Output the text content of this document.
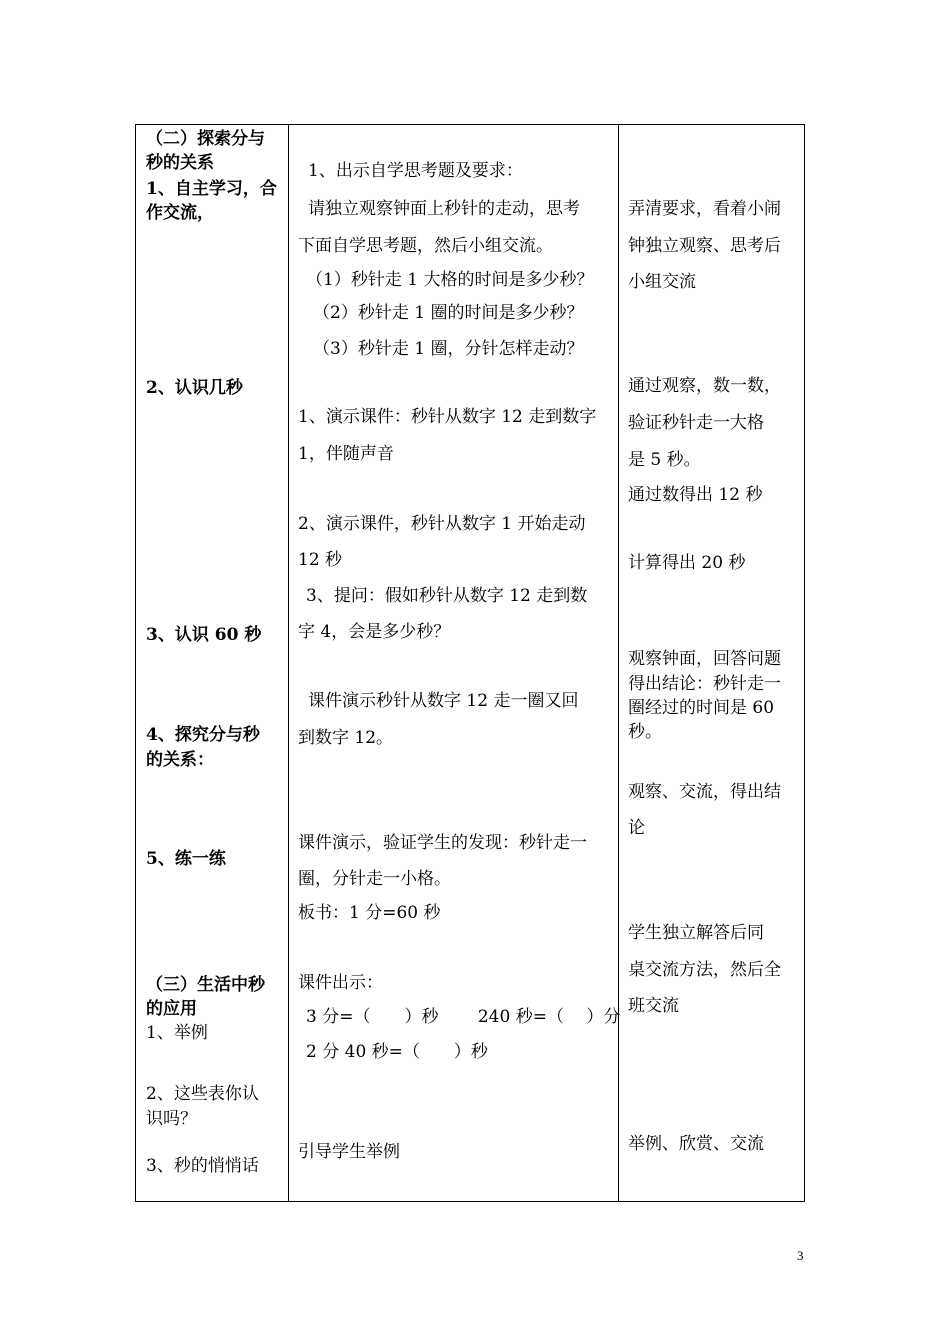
（二）探索分与
秒的关系
1、自主学习，合
作交流，
2、认识几秒
3、认识 60 秒
4、探究分与秒
的关系：
5、练一练
（三）生活中秒
的应用
1、举例
2、这些表你认
识吗？
3、秒的悄悄话
1、出示自学思考题及要求：
请独立观察钟面上秒针的走动，思考
下面自学思考题，然后小组交流。
（1）秒针走 1 大格的时间是多少秒？
（2）秒针走 1 圈的时间是多少秒？
（3）秒针走 1 圈，分针怎样走动？
1、演示课件：秒针从数字 12 走到数字
1，伴随声音
2、演示课件，秒针从数字 1 开始走动
12 秒
3、提问：假如秒针从数字 12 走到数
字 4，会是多少秒？
课件演示秒针从数字 12 走一圈又回
到数字 12。
课件演示，验证学生的发现：秒针走一
圈，分针走一小格。
板书：1 分=60 秒
课件出示：
3 分=（　　）秒　　 240 秒=（　 ）分
2 分 40 秒=（　　）秒
引导学生举例
弄清要求，看着小闹
钟独立观察、思考后
小组交流
通过观察，数一数，
验证秒针走一大格
是 5 秒。
通过数得出 12 秒
计算得出 20 秒
观察钟面，回答问题
得出结论：秒针走一
圈经过的时间是 60
秒。
观察、交流，得出结
论
学生独立解答后同
桌交流方法，然后全
班交流
举例、欣赏、交流
3
